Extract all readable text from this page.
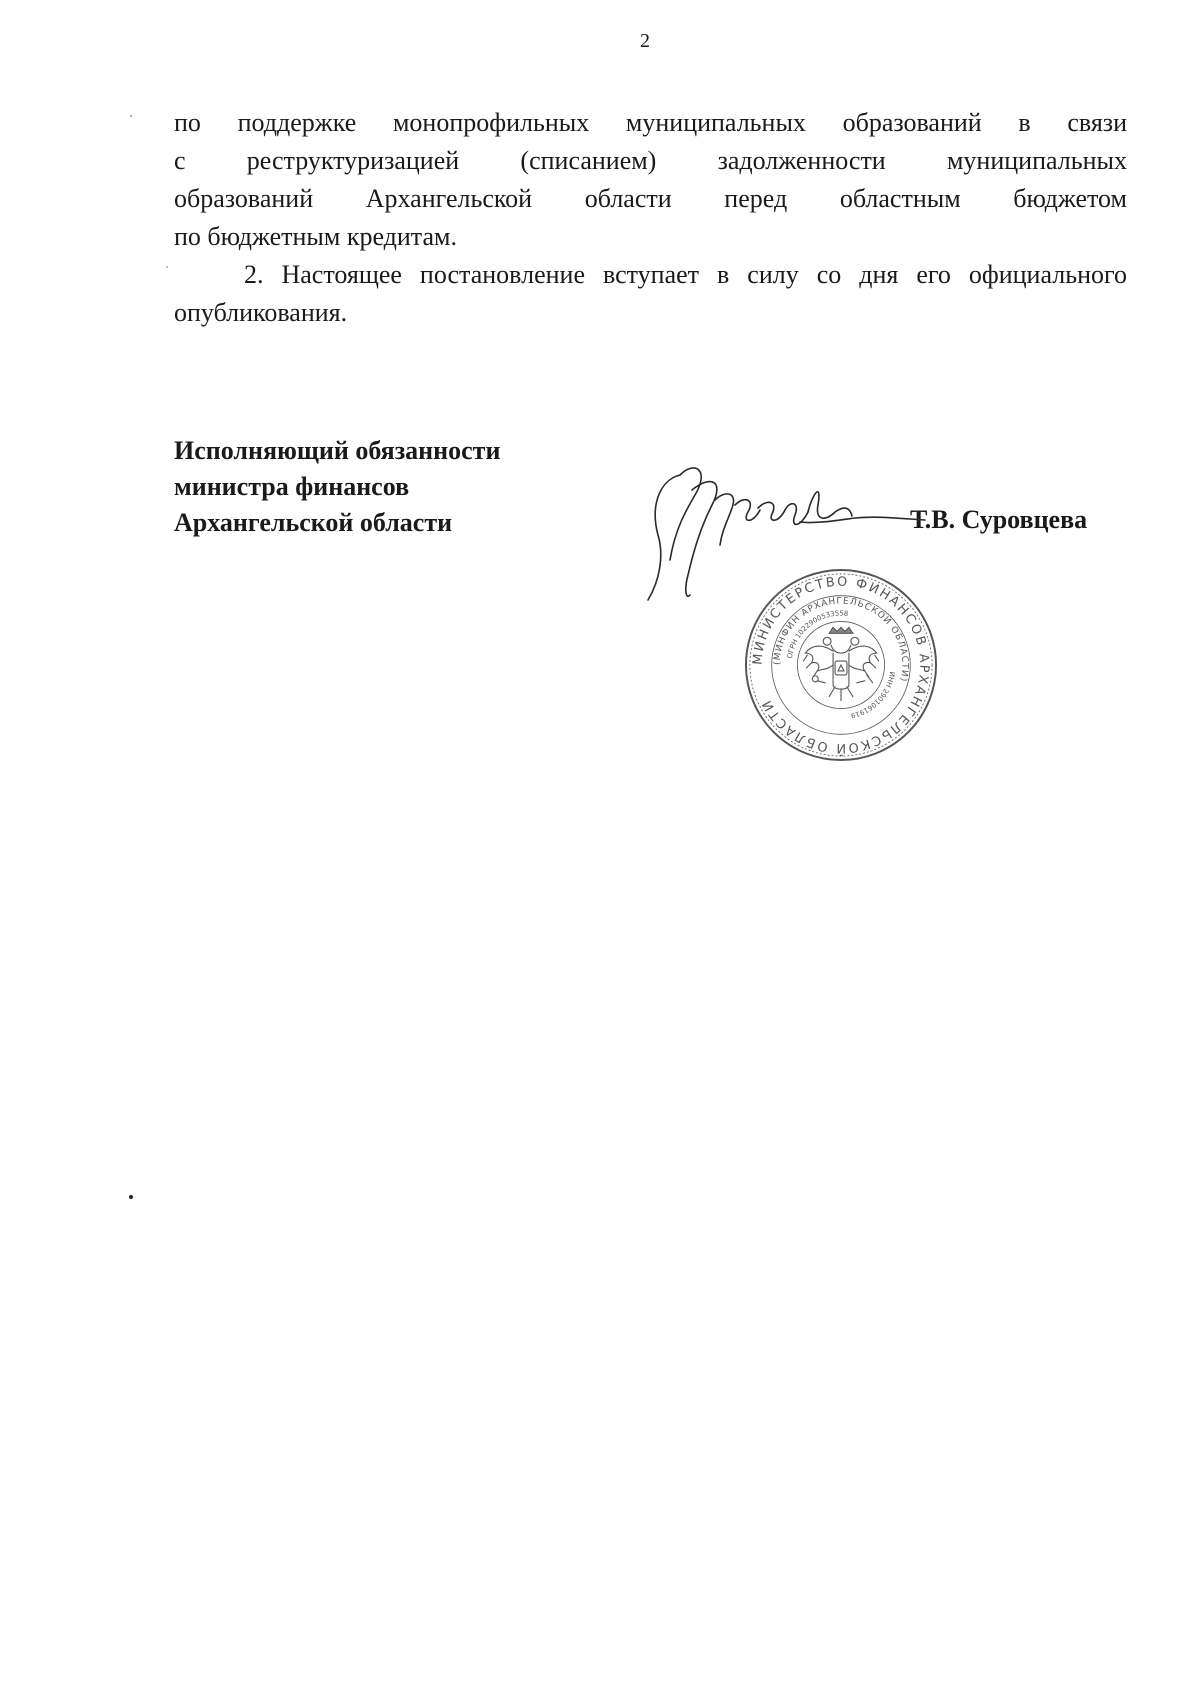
2

по поддержке монопрофильных муниципальных образований в связи

с реструктуризацией (списанием) задолженности муниципальных

образований Архангельской области перед областным бюджетом

по бюджетным кредитам.

2. Настоящее постановление вступает в силу со дня его официального

опубликования.

Исполняющий обязанности
министра финансов
Архангельской области	Т.В. Суровцева
МИНИСТЕРСТВО ФИНАНСОВ АРХАНГЕЛЬСКОЙ ОБЛАСТИ
(МИНФИН АРХАНГЕЛЬСКОЙ ОБЛАСТИ)
ОГРН 1022900533558
ИНН 2901061919
